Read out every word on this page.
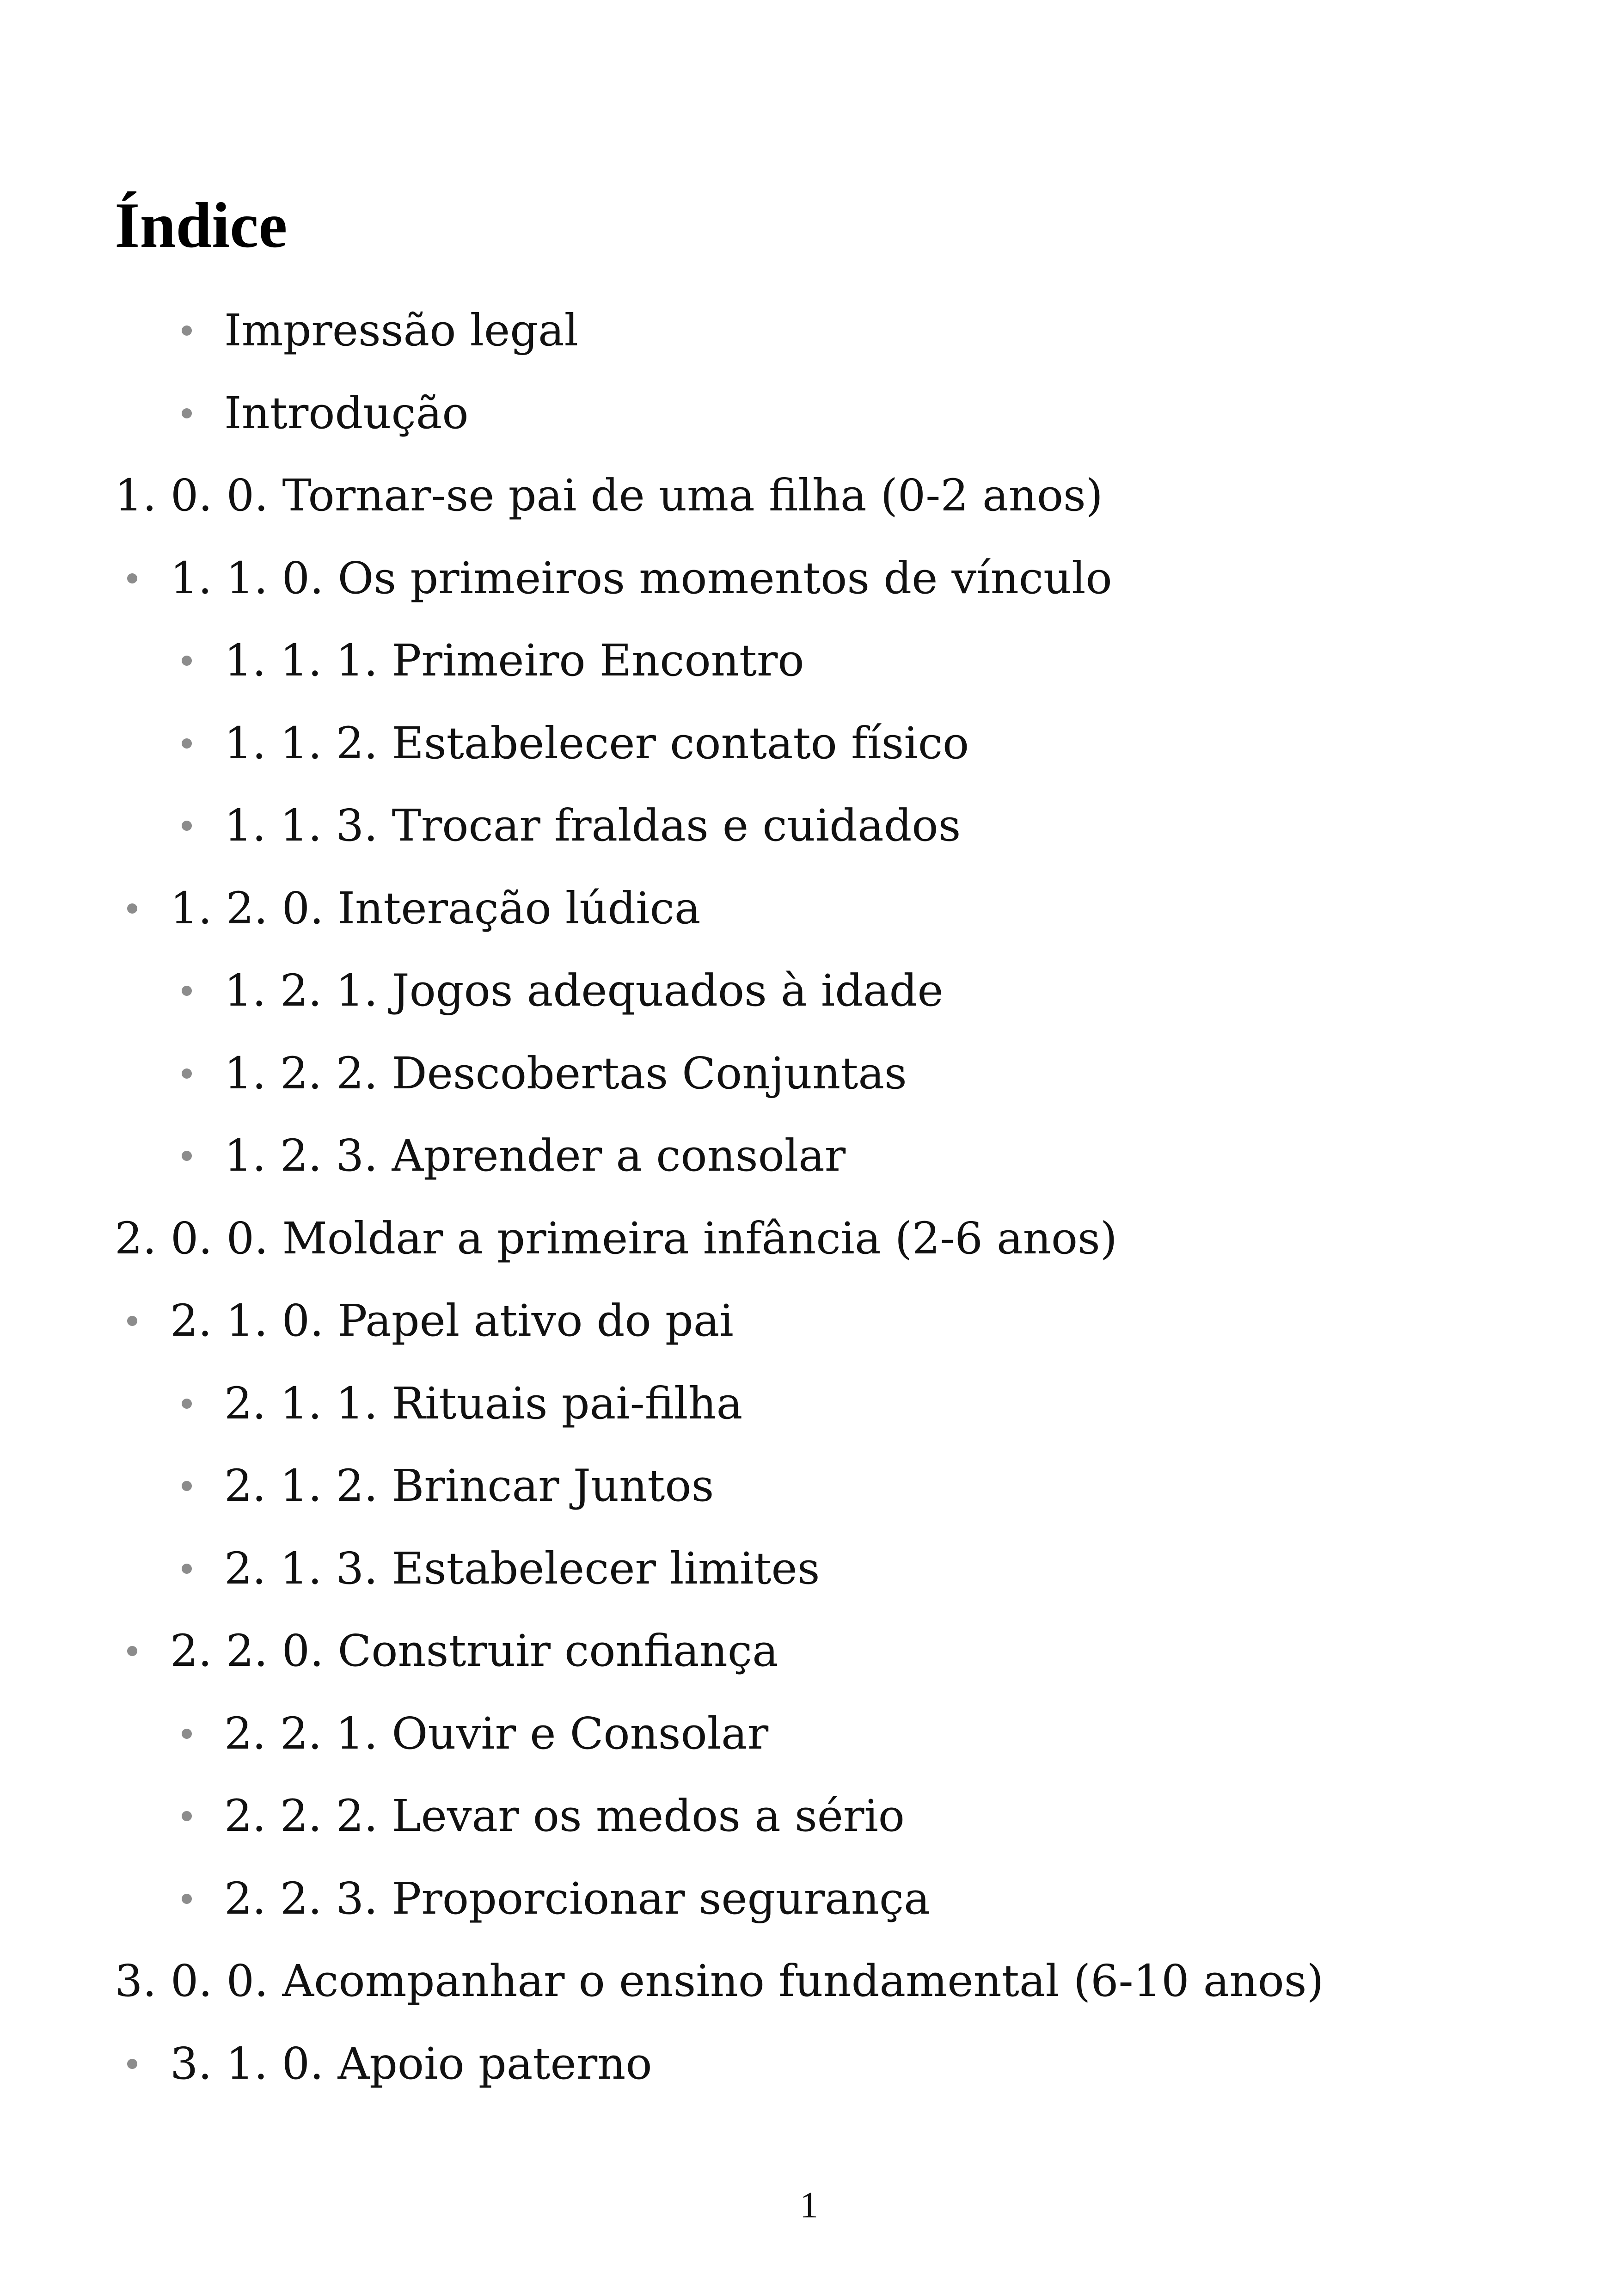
Índice
Impressão legal
Introdução
1. 0. 0. Tornar-se pai de uma filha (0-2 anos)
1. 1. 0. Os primeiros momentos de vínculo
1. 1. 1. Primeiro Encontro
1. 1. 2. Estabelecer contato físico
1. 1. 3. Trocar fraldas e cuidados
1. 2. 0. Interação lúdica
1. 2. 1. Jogos adequados à idade
1. 2. 2. Descobertas Conjuntas
1. 2. 3. Aprender a consolar
2. 0. 0. Moldar a primeira infância (2-6 anos)
2. 1. 0. Papel ativo do pai
2. 1. 1. Rituais pai-filha
2. 1. 2. Brincar Juntos
2. 1. 3. Estabelecer limites
2. 2. 0. Construir confiança
2. 2. 1. Ouvir e Consolar
2. 2. 2. Levar os medos a sério
2. 2. 3. Proporcionar segurança
3. 0. 0. Acompanhar o ensino fundamental (6-10 anos)
3. 1. 0. Apoio paterno
1
